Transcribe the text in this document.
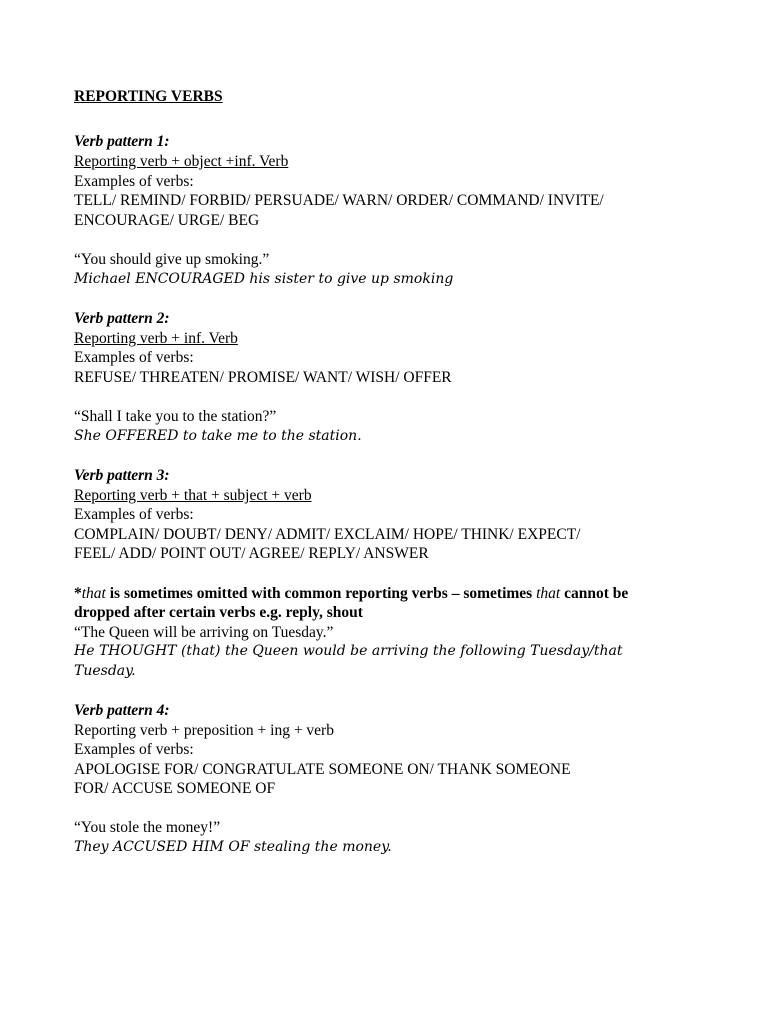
REPORTING VERBS

Verb pattern 1:

Reporting verb + object +inf. Verb

Examples of verbs:

TELL/ REMIND/ FORBID/ PERSUADE/ WARN/ ORDER/ COMMAND/ INVITE/

ENCOURAGE/ URGE/ BEG

“You should give up smoking.”

Michael ENCOURAGED his sister to give up smoking

Verb pattern 2:

Reporting verb + inf. Verb

Examples of verbs:

REFUSE/ THREATEN/ PROMISE/ WANT/ WISH/ OFFER

“Shall I take you to the station?”

She OFFERED to take me to the station.

Verb pattern 3:

Reporting verb + that + subject + verb

Examples of verbs:

COMPLAIN/ DOUBT/ DENY/ ADMIT/ EXCLAIM/ HOPE/ THINK/ EXPECT/

FEEL/ ADD/ POINT OUT/ AGREE/ REPLY/ ANSWER

*that is sometimes omitted with common reporting verbs – sometimes that cannot be

dropped after certain verbs e.g. reply, shout

“The Queen will be arriving on Tuesday.”

He THOUGHT (that) the Queen would be arriving the following Tuesday/that

Tuesday.

Verb pattern 4:

Reporting verb + preposition + ing + verb

Examples of verbs:

APOLOGISE FOR/ CONGRATULATE SOMEONE ON/ THANK SOMEONE

FOR/ ACCUSE SOMEONE OF

“You stole the money!”

They ACCUSED HIM OF stealing the money.
